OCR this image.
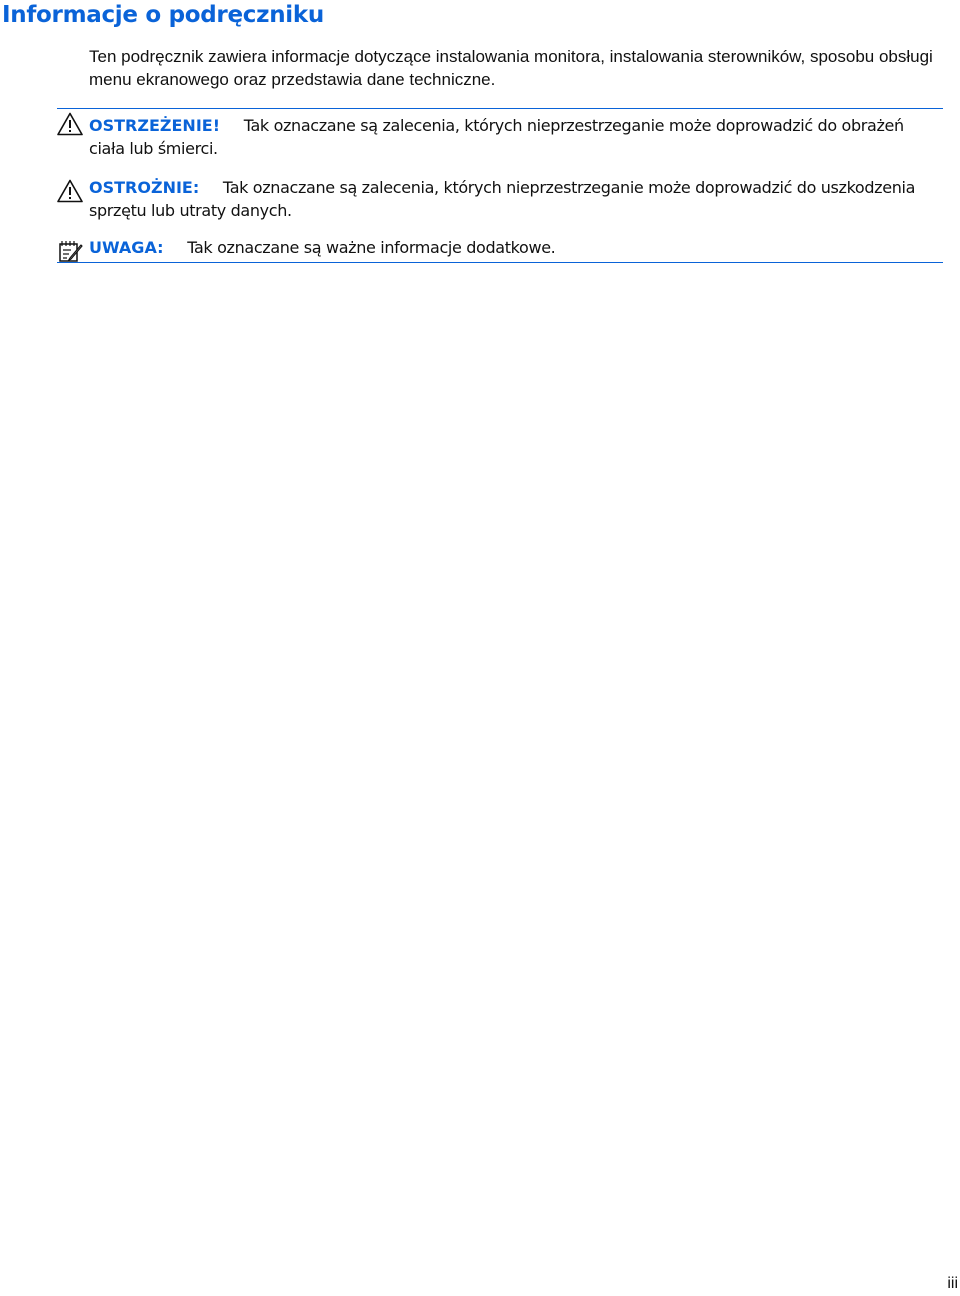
Informacje o podręczniku

Ten podręcznik zawiera informacje dotyczące instalowania monitora, instalowania sterowników, sposobu obsługi menu ekranowego oraz przedstawia dane techniczne.

OSTRZEŻENIE! Tak oznaczane są zalecenia, których nieprzestrzeganie może doprowadzić do obrażeń ciała lub śmierci.

OSTROŻNIE: Tak oznaczane są zalecenia, których nieprzestrzeganie może doprowadzić do uszkodzenia sprzętu lub utraty danych.

UWAGA: Tak oznaczane są ważne informacje dodatkowe.

iii
